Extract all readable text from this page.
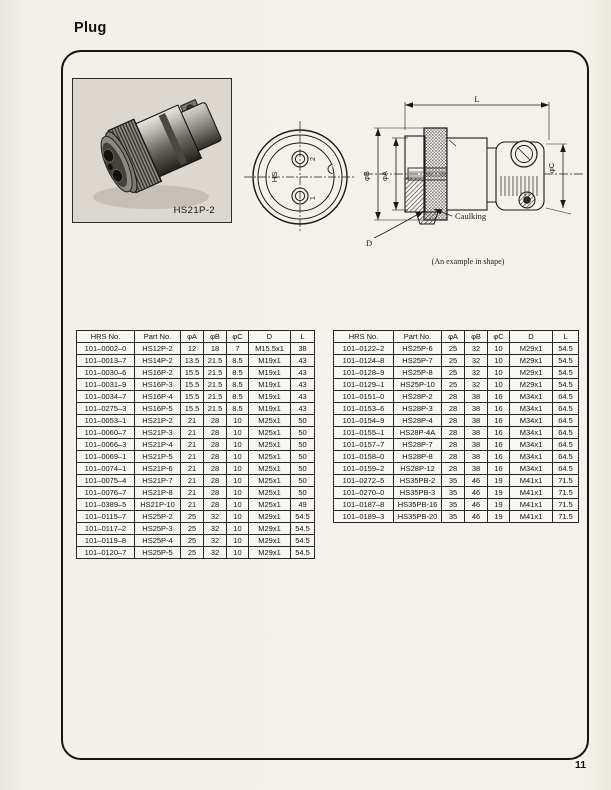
Plug
HS21P-2
HS
2
1
L
φB φA
φC
Caulking
D
(An example in shape)
HRS No.	Part No.	φA	φB	φC	D	L
101–0002–0	HS12P-2	12	18	7	M15.5x1	38
101–0013–7	HS14P-2	13.5	21.5	8.5	M19x1	43
101–0030–6	HS16P-2	15.5	21.5	8.5	M19x1	43
101–0031–9	HS16P-3	15.5	21.5	8.5	M19x1	43
101–0034–7	HS16P-4	15.5	21.5	8.5	M19x1	43
101–0275–3	HS16P-5	15.5	21.5	8.5	M19x1	43
101–0053–1	HS21P-2	21	28	10	M25x1	50
101–0060–7	HS21P-3	21	28	10	M25x1	50
101–0066–3	HS21P-4	21	28	10	M25x1	50
101–0069–1	HS21P-5	21	28	10	M25x1	50
101–0074–1	HS21P-6	21	28	10	M25x1	50
101–0075–4	HS21P-7	21	28	10	M25x1	50
101–0076–7	HS21P-8	21	28	10	M25x1	50
101–0389–5	HS21P-10	21	28	10	M25x1	49
101–0115–7	HS25P-2	25	32	10	M29x1	54.5
101–0117–2	HS25P-3	25	32	10	M29x1	54.5
101–0119–8	HS25P-4	25	32	10	M29x1	54.5
101–0120–7	HS25P-5	25	32	10	M29x1	54.5
HRS No.	Part No.	φA	φB	φC	D	L
101–0122–2	HS25P-6	25	32	10	M29x1	54.5
101–0124–8	HS25P-7	25	32	10	M29x1	54.5
101–0128–9	HS25P-8	25	32	10	M29x1	54.5
101–0129–1	HS25P-10	25	32	10	M29x1	54.5
101–0151–0	HS28P-2	28	38	16	M34x1	64.5
101–0153–6	HS28P-3	28	38	16	M34x1	64.5
101–0154–9	HS28P-4	28	38	16	M34x1	64.5
101–0155–1	HS28P-4A	28	38	16	M34x1	64.5
101–0157–7	HS28P-7	28	38	16	M34x1	64.5
101–0158–0	HS28P-8	28	38	16	M34x1	64.5
101–0159–2	HS28P-12	28	38	16	M34x1	64.5
101–0272–5	HS35PB-2	35	46	19	M41x1	71.5
101–0270–0	HS35PB-3	35	46	19	M41x1	71.5
101–0187–8	HS35PB-16	35	46	19	M41x1	71.5
101–0189–3	HS35PB-20	35	46	19	M41x1	71.5
11
